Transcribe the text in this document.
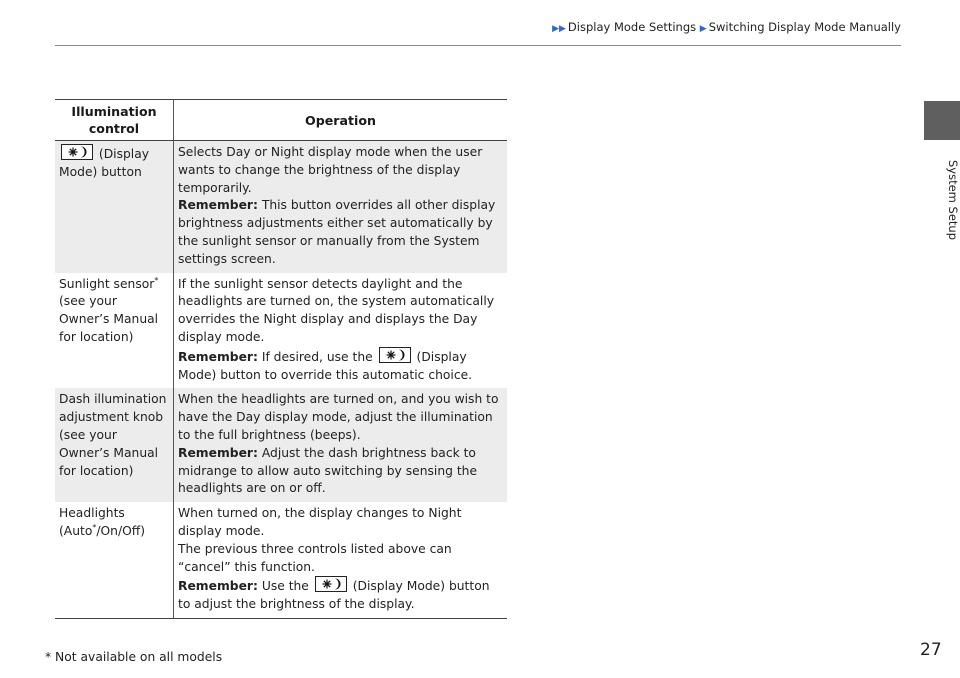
▶▶ Display Mode Settings ▶ Switching Display Mode Manually
System Setup
Illumination control	Operation

(Display Mode) button	Selects Day or Night display mode when the user wants to change the brightness of the display temporarily.
Remember: This button overrides all other display brightness adjustments either set automatically by the sunlight sensor or manually from the System settings screen.
Sunlight sensor*
(see your Owner’s Manual for location)	If the sunlight sensor detects daylight and the headlights are turned on, the system automatically overrides the Night display and displays the Day display mode.
Remember: If desired, use the (Display Mode) button to override this automatic choice.
Dash illumination adjustment knob (see your Owner’s Manual for location)	When the headlights are turned on, and you wish to have the Day display mode, adjust the illumination to the full brightness (beeps).
Remember: Adjust the dash brightness back to midrange to allow auto switching by sensing the headlights are on or off.
Headlights (Auto*/On/Off)	When turned on, the display changes to Night display mode.
The previous three controls listed above can “cancel” this function.
Remember: Use the (Display Mode) button to adjust the brightness of the display.
* Not available on all models	27
